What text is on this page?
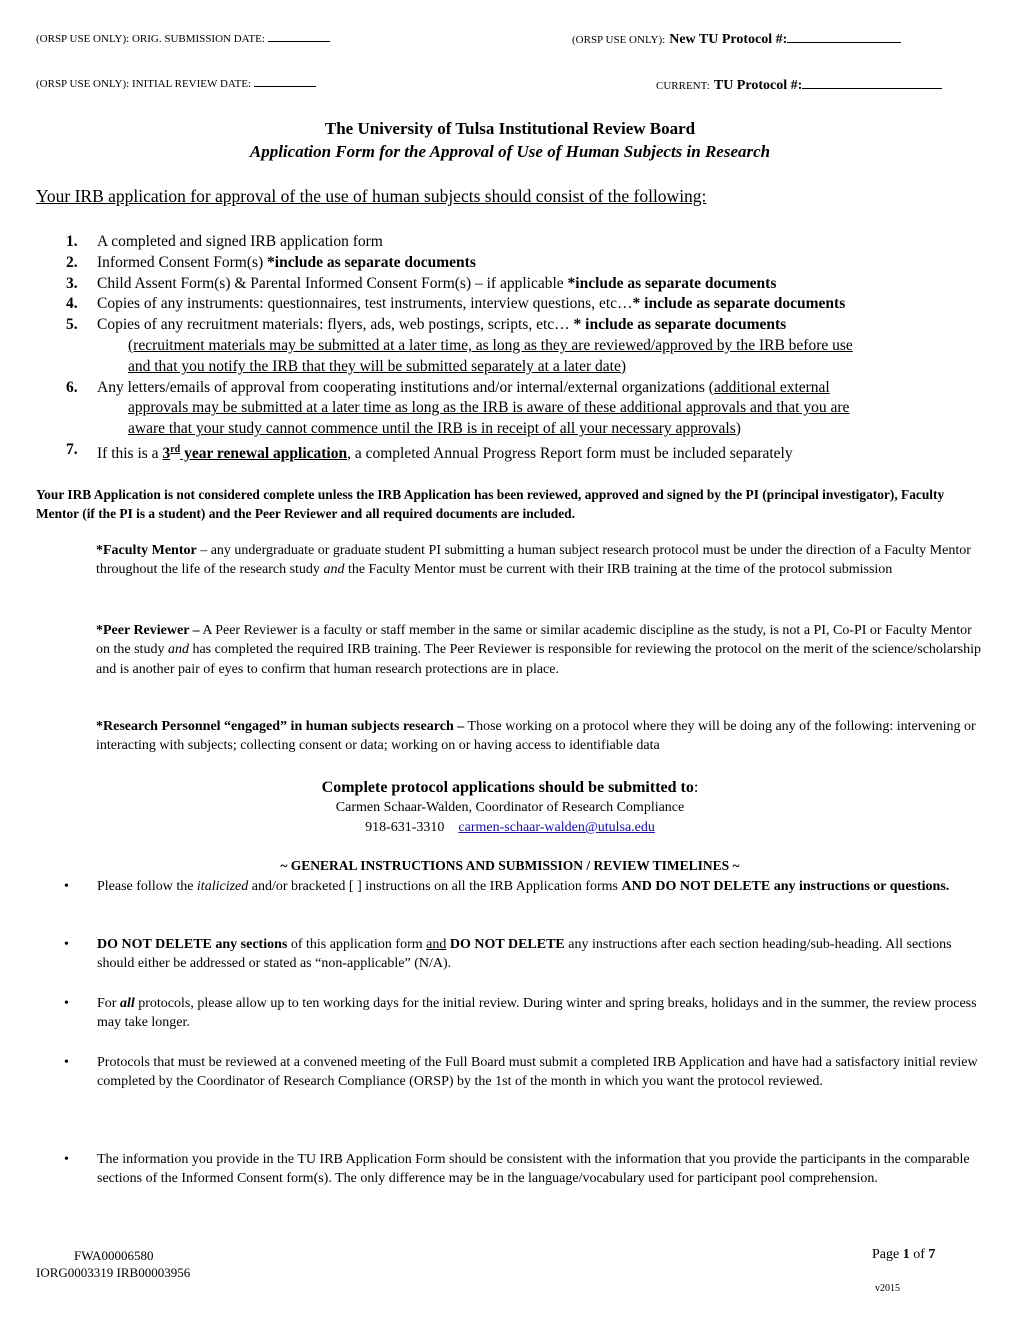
(ORSP USE ONLY): ORIG. SUBMISSION DATE:	(ORSP USE ONLY): New TU Protocol #:
(ORSP USE ONLY): INITIAL REVIEW DATE:	CURRENT: TU Protocol #:
The University of Tulsa Institutional Review Board
Application Form for the Approval of Use of Human Subjects in Research
Your IRB application for approval of the use of human subjects should consist of the following:
1. A completed and signed IRB application form
2. Informed Consent Form(s) *include as separate documents
3. Child Assent Form(s) & Parental Informed Consent Form(s) – if applicable *include as separate documents
4. Copies of any instruments: questionnaires, test instruments, interview questions, etc…* include as separate documents
5. Copies of any recruitment materials: flyers, ads, web postings, scripts, etc… * include as separate documents
(recruitment materials may be submitted at a later time, as long as they are reviewed/approved by the IRB before use
and that you notify the IRB that they will be submitted separately at a later date)
6. Any letters/emails of approval from cooperating institutions and/or internal/external organizations (additional external
approvals may be submitted at a later time as long as the IRB is aware of these additional approvals and that you are
aware that your study cannot commence until the IRB is in receipt of all your necessary approvals)
7. If this is a 3rd year renewal application, a completed Annual Progress Report form must be included separately
Your IRB Application is not considered complete unless the IRB Application has been reviewed, approved and signed by the PI (principal investigator), Faculty Mentor (if the PI is a student) and the Peer Reviewer and all required documents are included.
*Faculty Mentor – any undergraduate or graduate student PI submitting a human subject research protocol must be under the direction of a Faculty Mentor throughout the life of the research study and the Faculty Mentor must be current with their IRB training at the time of the protocol submission
*Peer Reviewer – A Peer Reviewer is a faculty or staff member in the same or similar academic discipline as the study, is not a PI, Co-PI or Faculty Mentor on the study and has completed the required IRB training. The Peer Reviewer is responsible for reviewing the protocol on the merit of the science/scholarship and is another pair of eyes to confirm that human research protections are in place.
*Research Personnel “engaged” in human subjects research – Those working on a protocol where they will be doing any of the following: intervening or interacting with subjects; collecting consent or data; working on or having access to identifiable data
Complete protocol applications should be submitted to:
Carmen Schaar-Walden, Coordinator of Research Compliance
918-631-3310 carmen-schaar-walden@utulsa.edu
~ GENERAL INSTRUCTIONS AND SUBMISSION / REVIEW TIMELINES ~
• Please follow the italicized and/or bracketed [ ] instructions on all the IRB Application forms AND DO NOT DELETE any instructions or questions.
• DO NOT DELETE any sections of this application form and DO NOT DELETE any instructions after each section heading/sub-heading. All sections should either be addressed or stated as “non-applicable” (N/A).
• For all protocols, please allow up to ten working days for the initial review. During winter and spring breaks, holidays and in the summer, the review process may take longer.
• Protocols that must be reviewed at a convened meeting of the Full Board must submit a completed IRB Application and have had a satisfactory initial review completed by the Coordinator of Research Compliance (ORSP) by the 1st of the month in which you want the protocol reviewed.
• The information you provide in the TU IRB Application Form should be consistent with the information that you provide the participants in the comparable sections of the Informed Consent form(s). The only difference may be in the language/vocabulary used for participant pool comprehension.
FWA00006580
IORG0003319 IRB00003956
Page 1 of 7
v2015
